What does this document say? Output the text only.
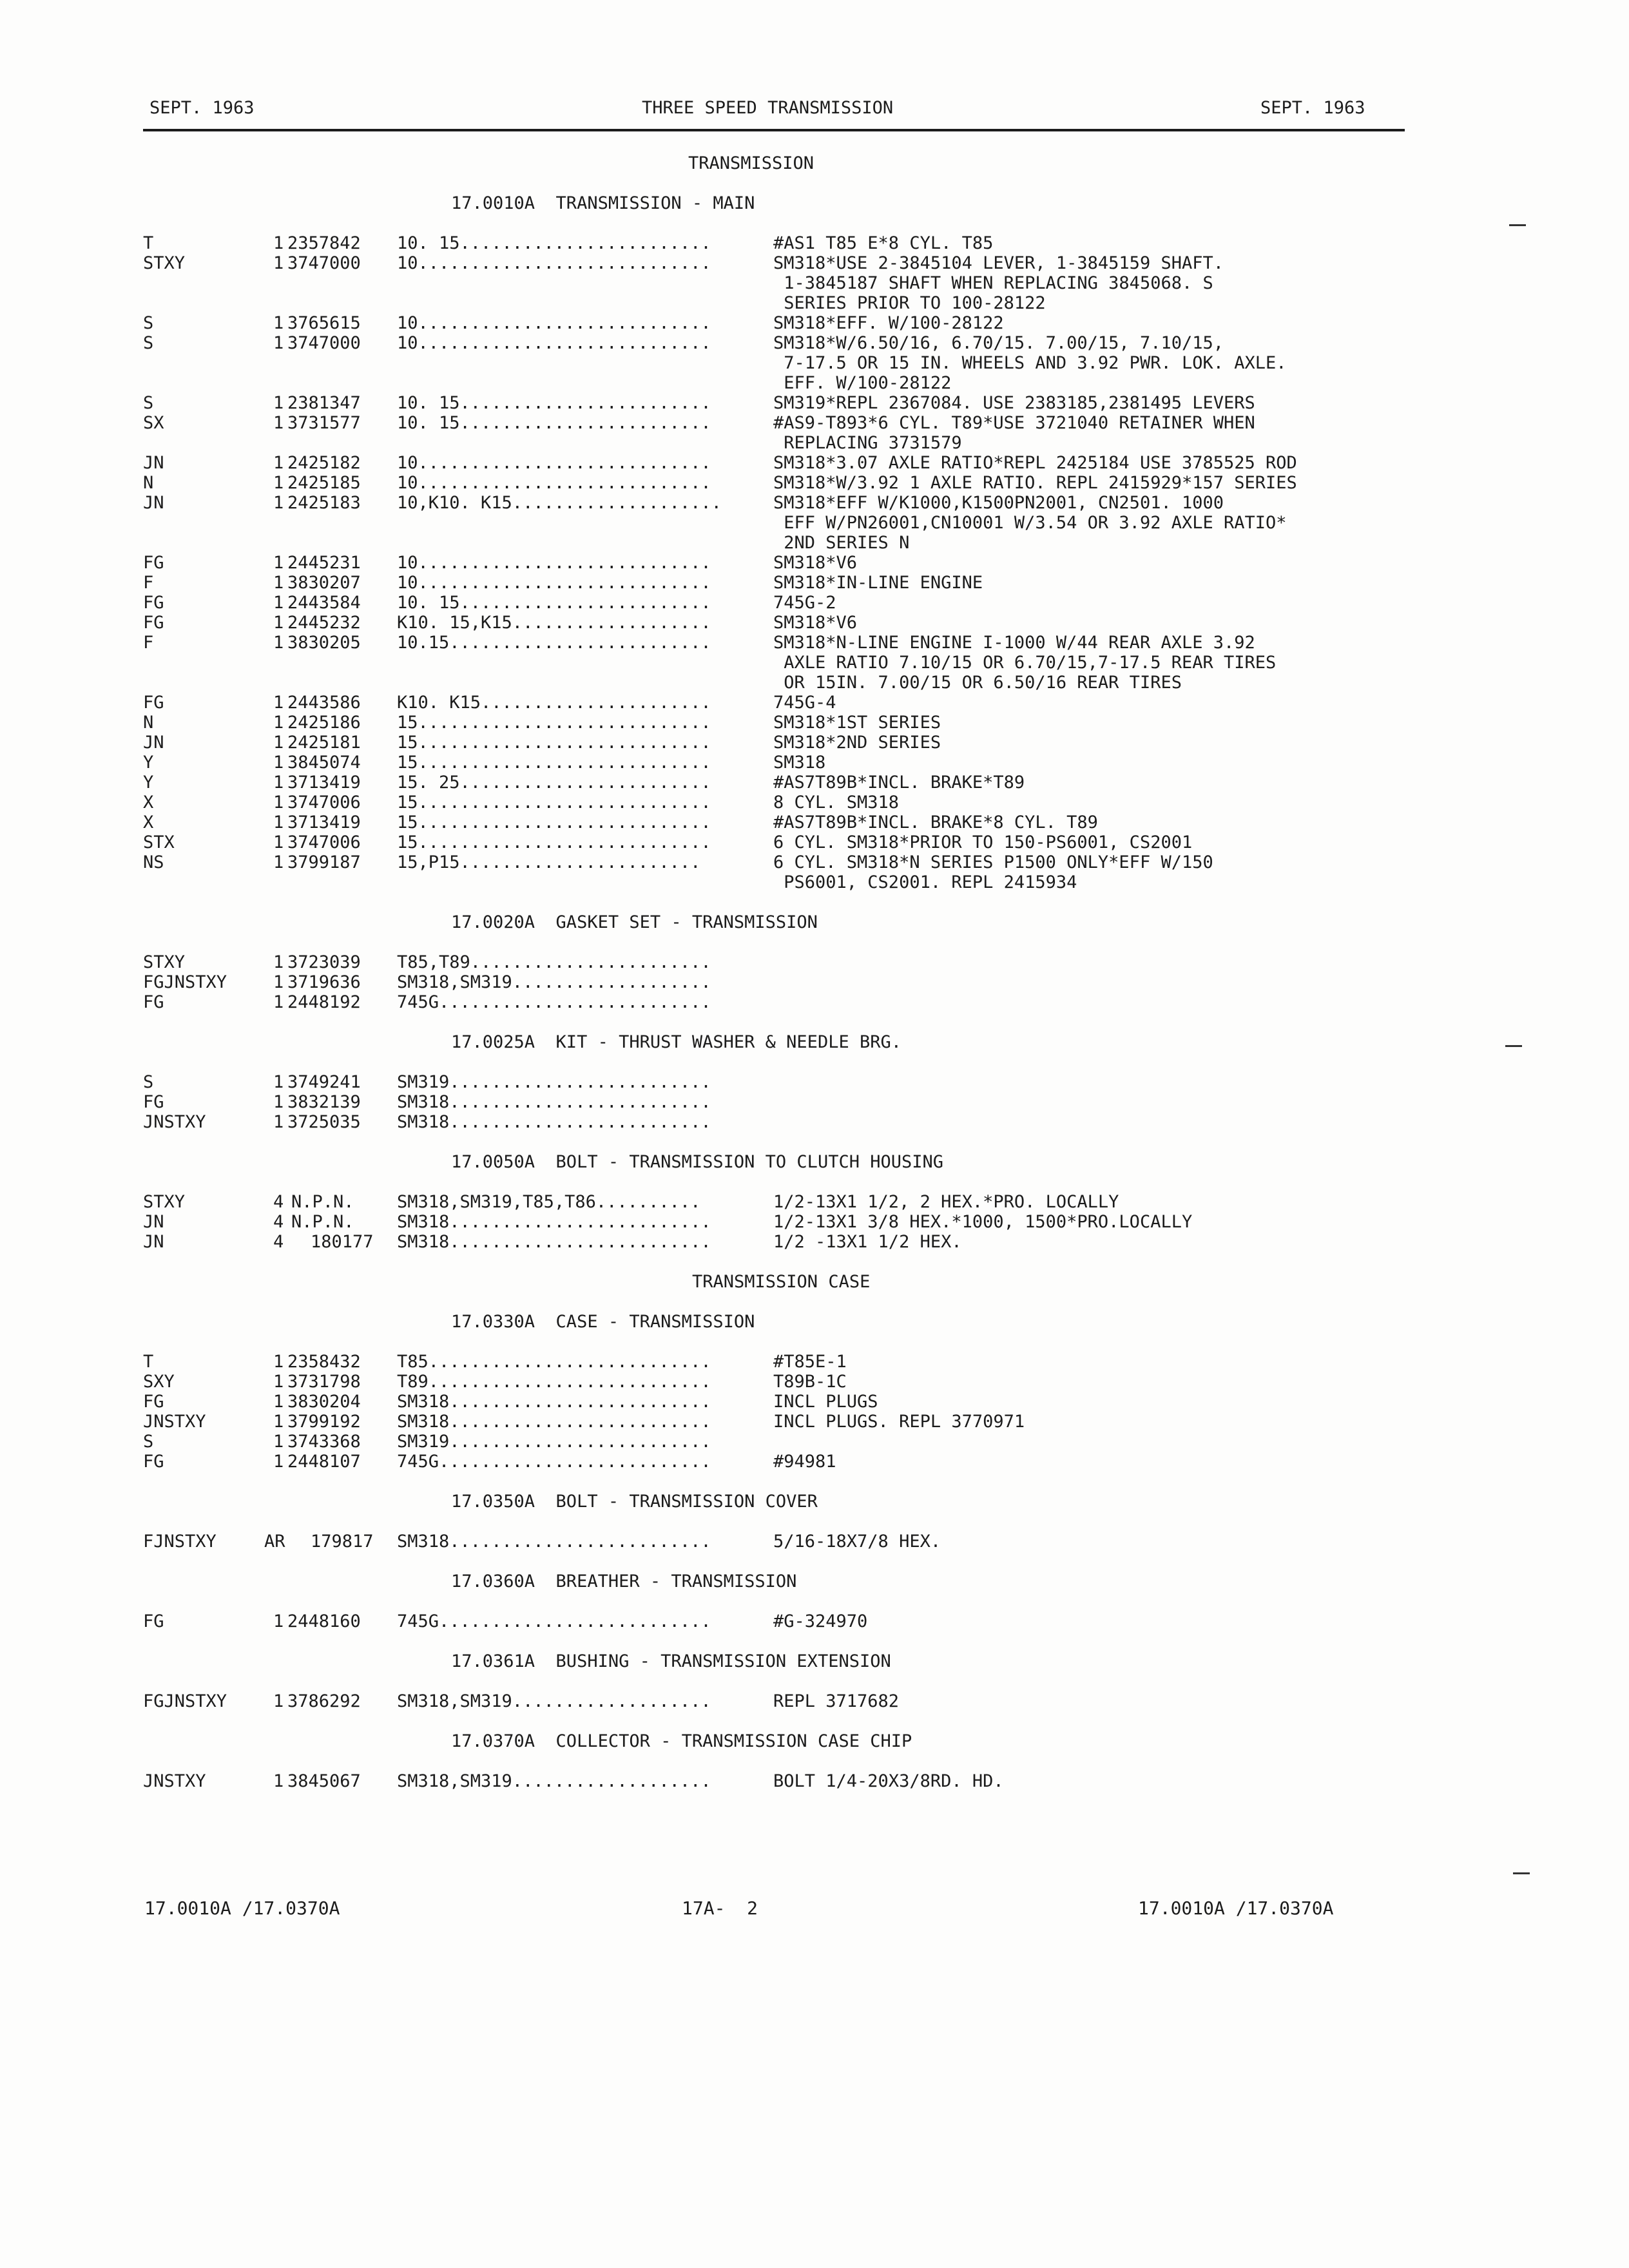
SEPT. 1963	THREE SPEED TRANSMISSION	SEPT. 1963
TRANSMISSION
17.0010A  TRANSMISSION - MAIN
T	1 2357842 10. 15........................	#AS1 T85 E*8 CYL. T85
STXY	1 3747000 10............................	SM318*USE 2-3845104 LEVER, 1-3845159 SHAFT.
1-3845187 SHAFT WHEN REPLACING 3845068. S
SERIES PRIOR TO 100-28122
S	1 3765615 10............................	SM318*EFF. W/100-28122
S	1 3747000 10............................	SM318*W/6.50/16, 6.70/15. 7.00/15, 7.10/15,
7-17.5 OR 15 IN. WHEELS AND 3.92 PWR. LOK. AXLE.
EFF. W/100-28122
S	1 2381347 10. 15........................	SM319*REPL 2367084. USE 2383185,2381495 LEVERS
SX	1 3731577 10. 15........................	#AS9-T893*6 CYL. T89*USE 3721040 RETAINER WHEN
REPLACING 3731579
JN	1 2425182 10............................	SM318*3.07 AXLE RATIO*REPL 2425184 USE 3785525 ROD
N	1 2425185 10............................	SM318*W/3.92 1 AXLE RATIO. REPL 2415929*157 SERIES
JN	1 2425183 10,K10. K15....................	SM318*EFF W/K1000,K1500PN2001, CN2501. 1000
EFF W/PN26001,CN10001 W/3.54 OR 3.92 AXLE RATIO*
2ND SERIES N
FG	1 2445231 10............................	SM318*V6
F	1 3830207 10............................	SM318*IN-LINE ENGINE
FG	1 2443584 10. 15........................	745G-2
FG	1 2445232 K10. 15,K15...................	SM318*V6
F	1 3830205 10.15.........................	SM318*N-LINE ENGINE I-1000 W/44 REAR AXLE 3.92
AXLE RATIO 7.10/15 OR 6.70/15,7-17.5 REAR TIRES
OR 15IN. 7.00/15 OR 6.50/16 REAR TIRES
FG	1 2443586 K10. K15......................	745G-4
N	1 2425186 15............................	SM318*1ST SERIES
JN	1 2425181 15............................	SM318*2ND SERIES
Y	1 3845074 15............................	SM318
Y	1 3713419 15. 25........................	#AS7T89B*INCL. BRAKE*T89
X	1 3747006 15............................	8 CYL. SM318
X	1 3713419 15............................	#AS7T89B*INCL. BRAKE*8 CYL. T89
STX	1 3747006 15............................	6 CYL. SM318*PRIOR TO 150-PS6001, CS2001
NS	1 3799187 15,P15.......................	6 CYL. SM318*N SERIES P1500 ONLY*EFF W/150
PS6001, CS2001. REPL 2415934
17.0020A  GASKET SET - TRANSMISSION
STXY	1 3723039 T85,T89.......................
FGJNSTXY	1 3719636 SM318,SM319...................
FG	1 2448192 745G..........................
17.0025A  KIT - THRUST WASHER & NEEDLE BRG.
S	1 3749241 SM319.........................
FG	1 3832139 SM318.........................
JNSTXY	1 3725035 SM318.........................
17.0050A  BOLT - TRANSMISSION TO CLUTCH HOUSING
STXY	4 N.P.N. SM318,SM319,T85,T86..........	1/2-13X1 1/2, 2 HEX.*PRO. LOCALLY
JN	4 N.P.N. SM318.........................	1/2-13X1 3/8 HEX.*1000, 1500*PRO.LOCALLY
JN	4 180177 SM318.........................	1/2 -13X1 1/2 HEX.
TRANSMISSION CASE
17.0330A  CASE - TRANSMISSION
T	1 2358432 T85...........................	#T85E-1
SXY	1 3731798 T89...........................	T89B-1C
FG	1 3830204 SM318.........................	INCL PLUGS
JNSTXY	1 3799192 SM318.........................	INCL PLUGS. REPL 3770971
S	1 3743368 SM319.........................
FG	1 2448107 745G..........................	#94981
17.0350A  BOLT - TRANSMISSION COVER
FJNSTXY	AR 179817 SM318.........................	5/16-18X7/8 HEX.
17.0360A  BREATHER - TRANSMISSION
FG	1 2448160 745G..........................	#G-324970
17.0361A  BUSHING - TRANSMISSION EXTENSION
FGJNSTXY	1 3786292 SM318,SM319...................	REPL 3717682
17.0370A  COLLECTOR - TRANSMISSION CASE CHIP
JNSTXY	1 3845067 SM318,SM319...................	BOLT 1/4-20X3/8RD. HD.
17.0010A /17.0370A	17A-  2	17.0010A /17.0370A
